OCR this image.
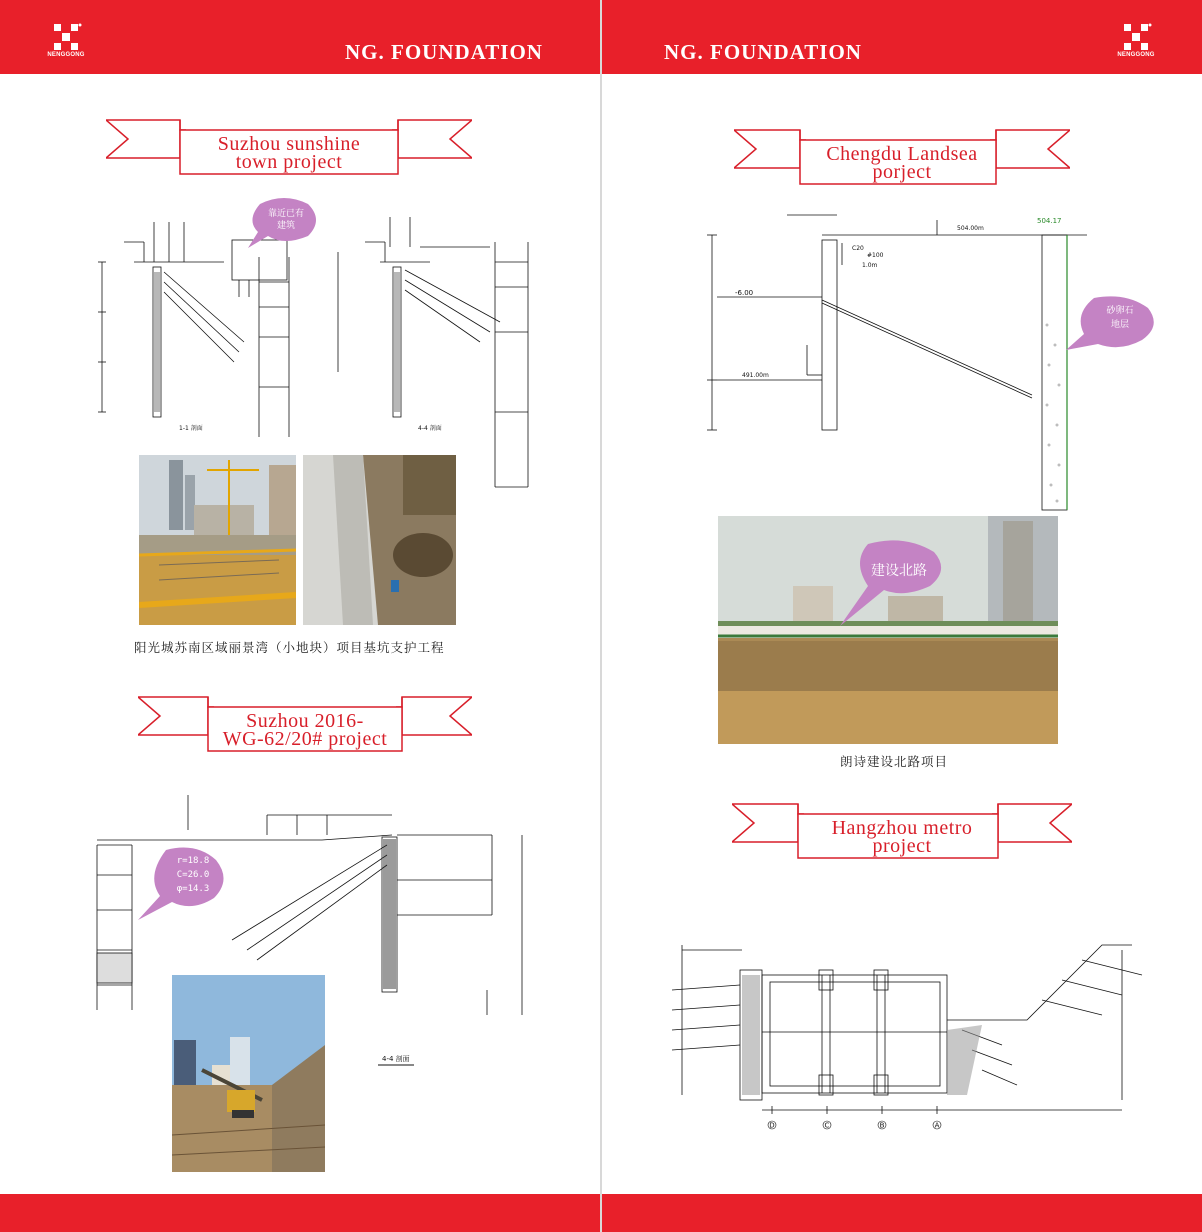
NENGGONG	NG. FOUNDATION
Suzhou sunshine
town project
1-1 剖面
靠近已有建筑
4-4 剖面
阳光城苏南区域丽景湾（小地块）项目基坑支护工程
Suzhou 2016-
WG-62/20# project
4-4 剖面
r=18.8
C=26.0
φ=14.3
NG. FOUNDATION	NENGGONG
Chengdu Landsea
porject
504.17
504.00m
C20
#100
1.0m
-6.00
491.00m
砂卵石
地层
建设北路
朗诗建设北路项目
Hangzhou metro
project
D	C	B	A
